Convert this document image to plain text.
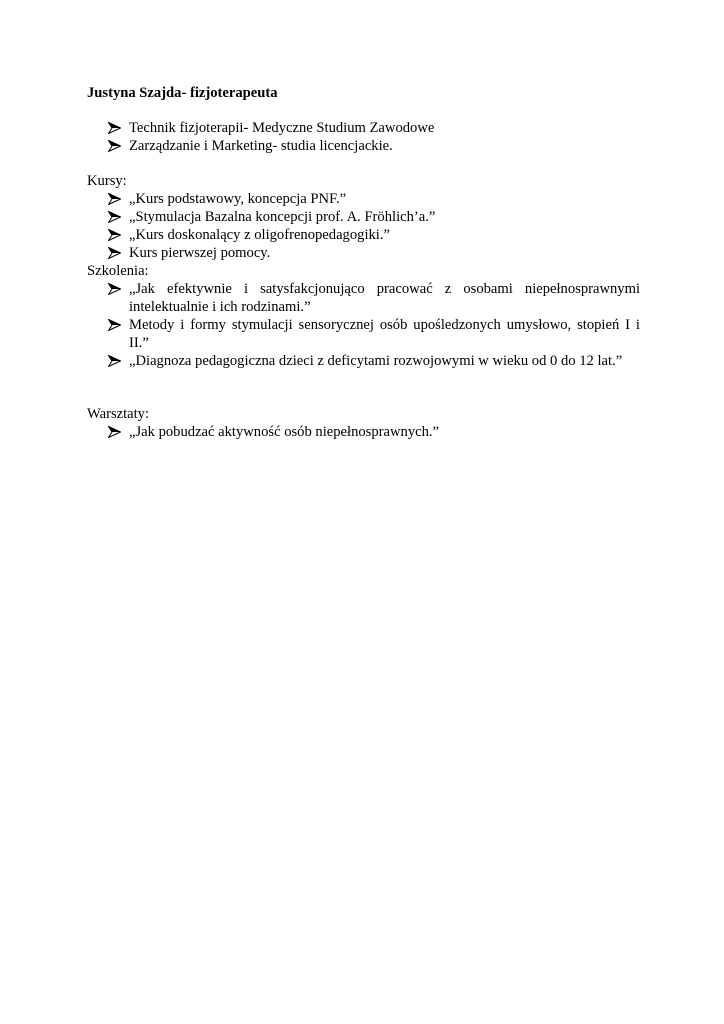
Justyna Szajda- fizjoterapeuta

Technik fizjoterapii- Medyczne Studium Zawodowe
Zarządzanie i Marketing- studia licencjackie.

Kursy:

„Kurs podstawowy, koncepcja PNF.”
„Stymulacja Bazalna koncepcji prof. A. Fröhlich’a.”
„Kurs doskonalący z oligofrenopedagogiki.”
Kurs pierwszej pomocy.

Szkolenia:

„Jak efektywnie i satysfakcjonująco pracować z osobami niepełnosprawnymi intelektualnie i ich rodzinami.”
Metody i formy stymulacji sensorycznej osób upośledzonych umysłowo, stopień I i II.”
„Diagnoza pedagogiczna dzieci z deficytami rozwojowymi w wieku od 0 do 12 lat.”

Warsztaty:

„Jak pobudzać aktywność osób niepełnosprawnych.”
